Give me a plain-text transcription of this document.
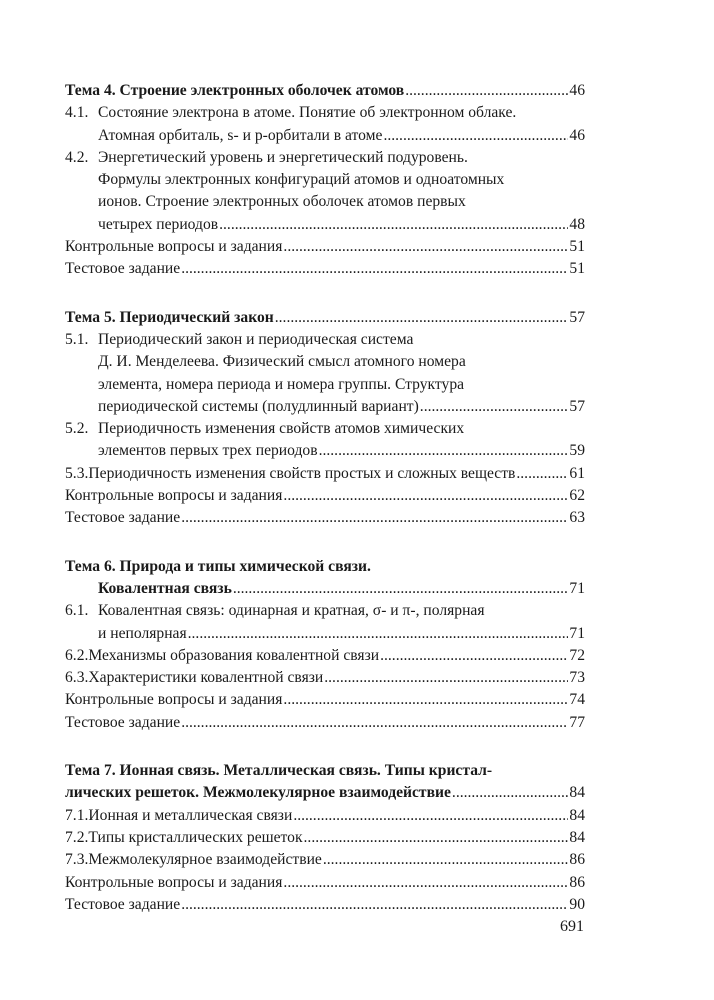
Тема 4. Строение электронных оболочек атомов . . .	46
4.1. Состояние электрона в атоме. Понятие об электронном облаке.
Атомная орбиталь, s- и p-орбитали в атоме . . .	46
4.2. Энергетический уровень и энергетический подуровень.
Формулы электронных конфигураций атомов и одноатомных
ионов. Строение электронных оболочек атомов первых
четырех периодов . . .	48
Контрольные вопросы и задания . . .	51
Тестовое задание . . .	51
Тема 5. Периодический закон . . .	57
5.1. Периодический закон и периодическая система
Д. И. Менделеева. Физический смысл атомного номера
элемента, номера периода и номера группы. Структура
периодической системы (полудлинный вариант) . . .	57
5.2. Периодичность изменения свойств атомов химических
элементов первых трех периодов . . .	59
5.3. Периодичность изменения свойств простых и сложных веществ . . .	61
Контрольные вопросы и задания . . .	62
Тестовое задание . . .	63
Тема 6. Природа и типы химической связи.
Ковалентная связь . . .	71
6.1. Ковалентная связь: одинарная и кратная, σ- и π-, полярная
и неполярная . . .	71
6.2. Механизмы образования ковалентной связи . . .	72
6.3. Характеристики ковалентной связи . . .	73
Контрольные вопросы и задания . . .	74
Тестовое задание . . .	77
Тема 7. Ионная связь. Металлическая связь. Типы кристал-
лических решеток. Межмолекулярное взаимодействие . . .	84
7.1. Ионная и металлическая связи . . .	84
7.2. Типы кристаллических решеток . . .	84
7.3. Межмолекулярное взаимодействие . . .	86
Контрольные вопросы и задания . . .	86
Тестовое задание . . .	90
691
